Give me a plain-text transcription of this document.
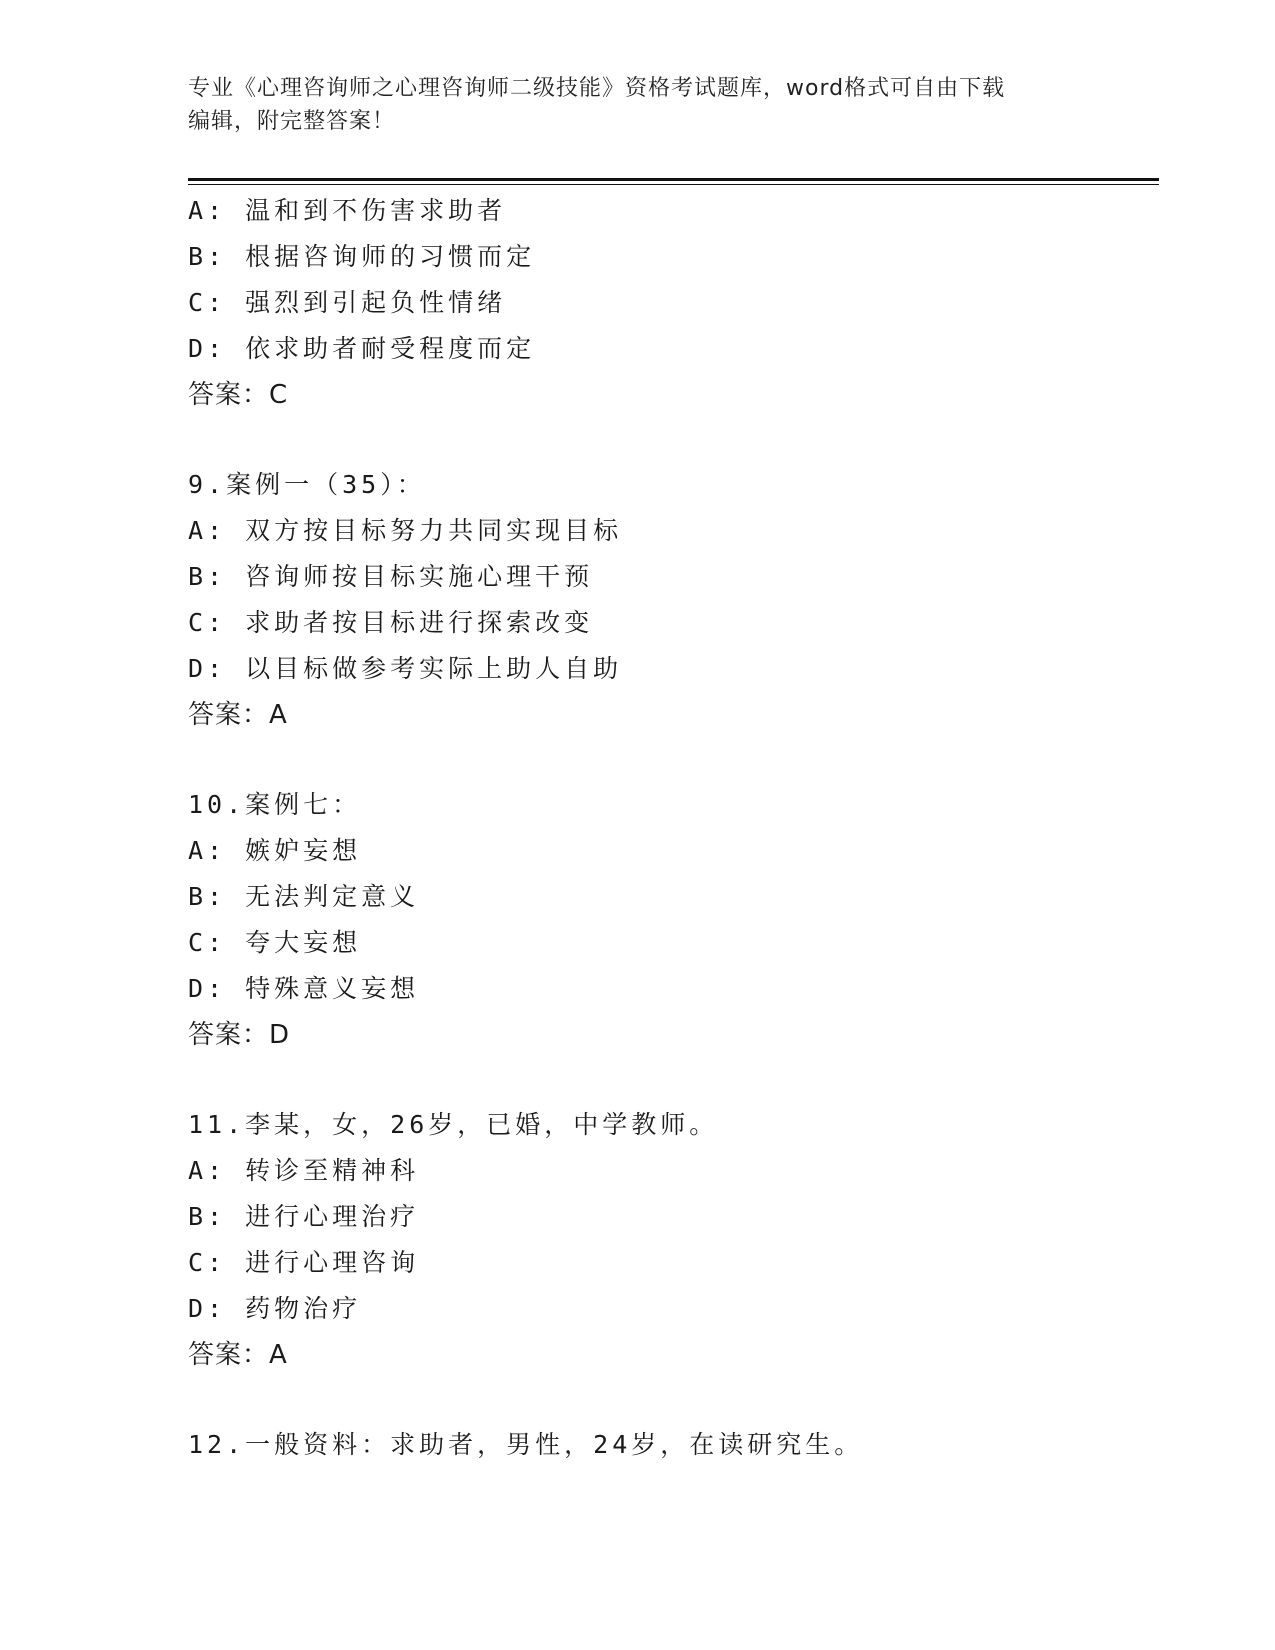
专业《心理咨询师之心理咨询师二级技能》资格考试题库，word格式可自由下载
编辑，附完整答案！
A: 温和到不伤害求助者
B: 根据咨询师的习惯而定
C: 强烈到引起负性情绪
D: 依求助者耐受程度而定
答案：C
9.案例一（35）：
A: 双方按目标努力共同实现目标
B: 咨询师按目标实施心理干预
C: 求助者按目标进行探索改变
D: 以目标做参考实际上助人自助
答案：A
10.案例七：
A: 嫉妒妄想
B: 无法判定意义
C: 夸大妄想
D: 特殊意义妄想
答案：D
11.李某，女，26岁，已婚，中学教师。
A: 转诊至精神科
B: 进行心理治疗
C: 进行心理咨询
D: 药物治疗
答案：A
12.一般资料：求助者，男性，24岁，在读研究生。
